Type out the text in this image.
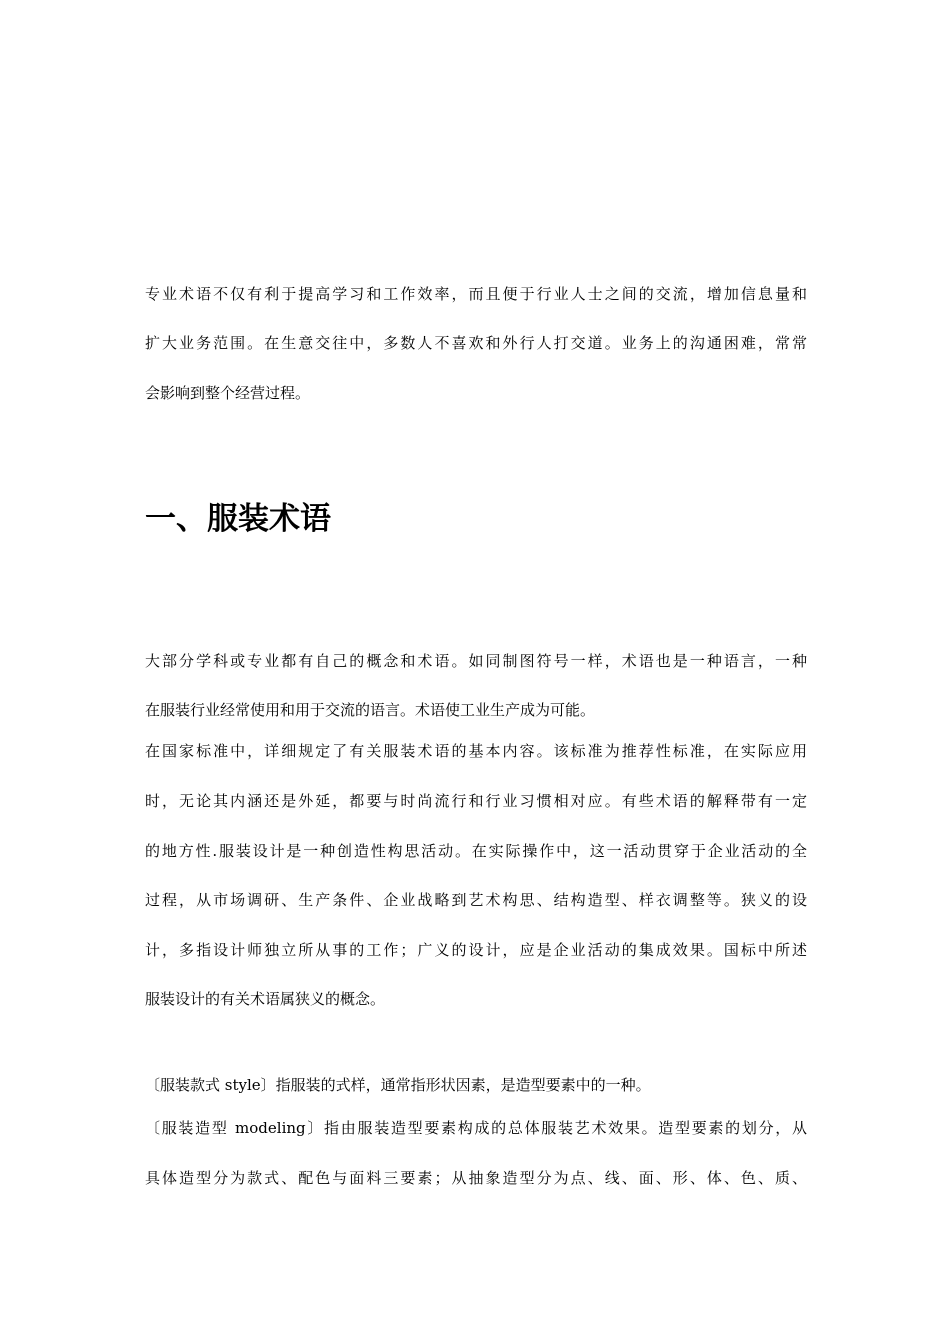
专业术语不仅有利于提高学习和工作效率，而且便于行业人士之间的交流，增加信息量和
扩大业务范围。在生意交往中，多数人不喜欢和外行人打交道。业务上的沟通困难，常常
会影响到整个经营过程。
一、服装术语
大部分学科或专业都有自己的概念和术语。如同制图符号一样，术语也是一种语言，一种
在服装行业经常使用和用于交流的语言。术语使工业生产成为可能。
在国家标准中，详细规定了有关服装术语的基本内容。该标准为推荐性标准，在实际应用
时，无论其内涵还是外延，都要与时尚流行和行业习惯相对应。有些术语的解释带有一定
的地方性.服装设计是一种创造性构思活动。在实际操作中，这一活动贯穿于企业活动的全
过程，从市场调研、生产条件、企业战略到艺术构思、结构造型、样衣调整等。狭义的设
计，多指设计师独立所从事的工作；广义的设计，应是企业活动的集成效果。国标中所述
服装设计的有关术语属狭义的概念。
〔服装款式 style〕指服装的式样，通常指形状因素，是造型要素中的一种。
〔服装造型 modeling〕指由服装造型要素构成的总体服装艺术效果。造型要素的划分，从
具体造型分为款式、配色与面料三要素；从抽象造型分为点、线、面、形、体、色、质、
